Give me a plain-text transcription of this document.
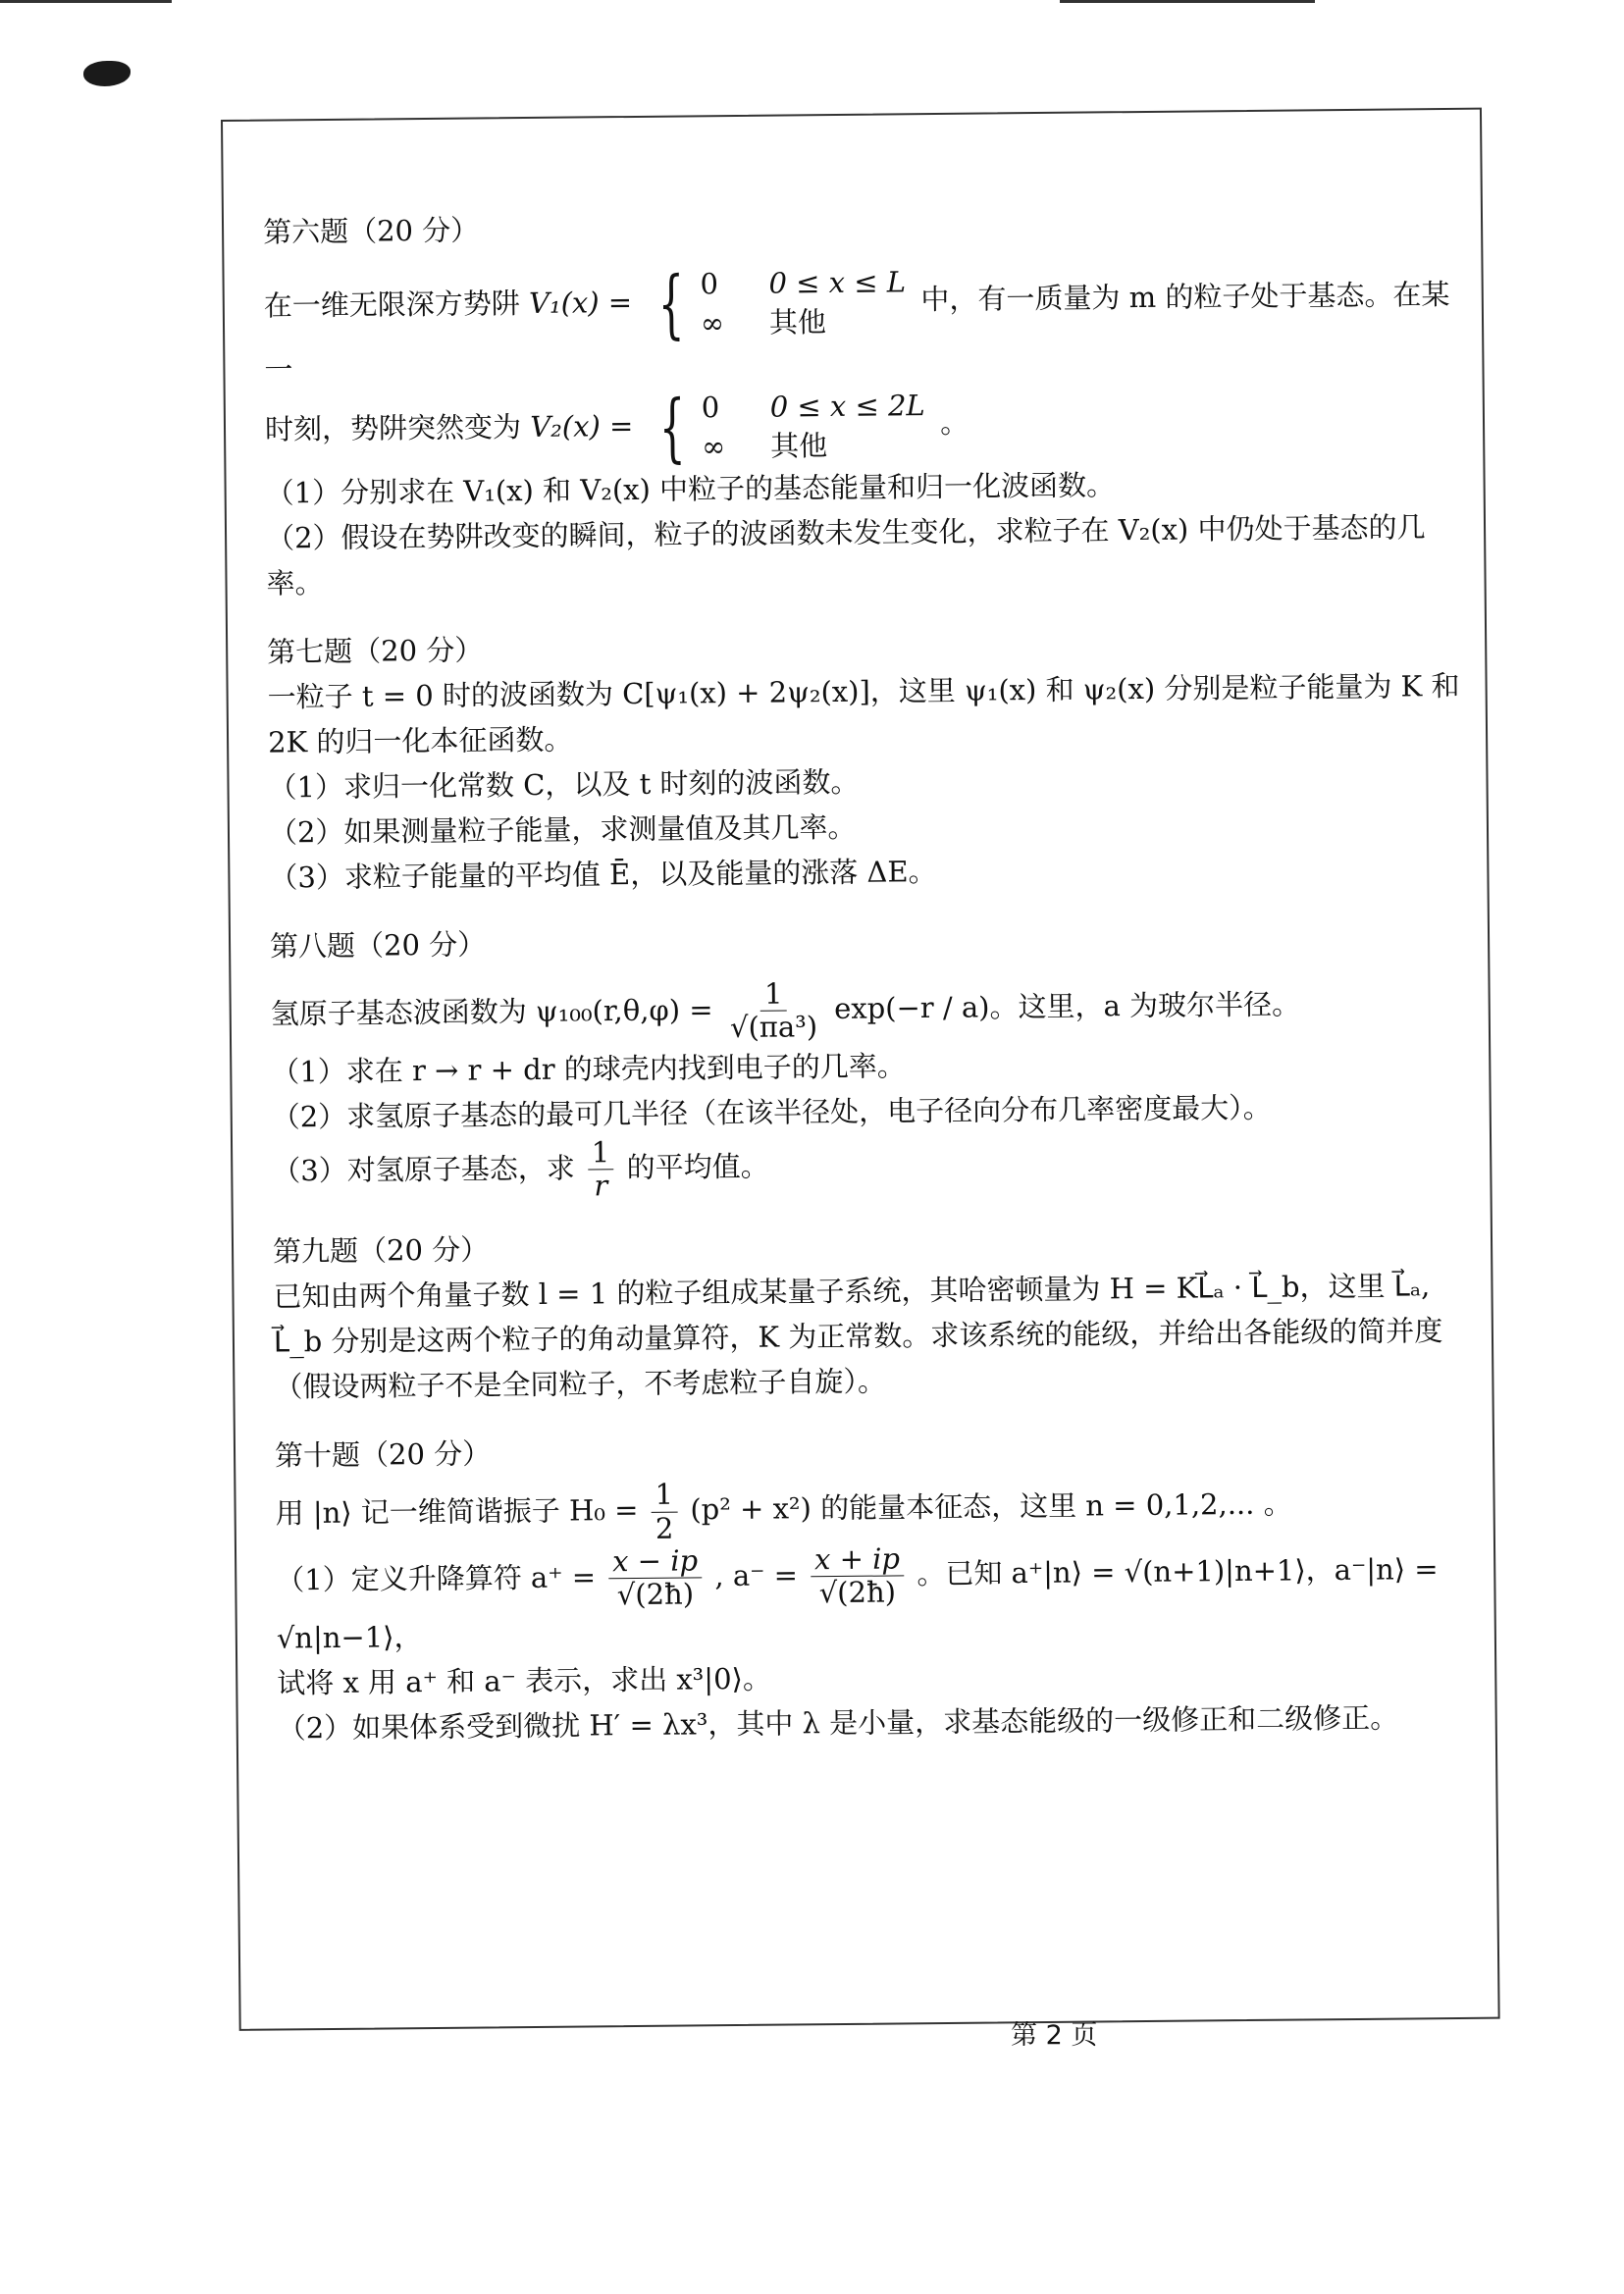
第六题（20 分）

在一维无限深方势阱 V₁(x) = { 0	0 ≤ x ≤ L
∞	其他
中，有一质量为 m 的粒子处于基态。在某一

时刻，势阱突然变为 V₂(x) = { 0	0 ≤ x ≤ 2L
∞	其他
。

（1）分别求在 V₁(x) 和 V₂(x) 中粒子的基态能量和归一化波函数。

（2）假设在势阱改变的瞬间，粒子的波函数未发生变化，求粒子在 V₂(x) 中仍处于基态的几率。

第七题（20 分）

一粒子 t = 0 时的波函数为 C[ψ₁(x) + 2ψ₂(x)]，这里 ψ₁(x) 和 ψ₂(x) 分别是粒子能量为 K 和 2K 的归一化本征函数。

（1）求归一化常数 C，以及 t 时刻的波函数。

（2）如果测量粒子能量，求测量值及其几率。

（3）求粒子能量的平均值 Ē，以及能量的涨落 ΔE。

第八题（20 分）

氢原子基态波函数为 $\psi_{100}(r,\theta,\varphi) = \frac{1}{\text{√(πa³)}} \exp(-r / a)$。这里，a 为玻尔半径。

（1）求在 r → r + dr 的球壳内找到电子的几率。

（2）求氢原子基态的最可几半径（在该半径处，电子径向分布几率密度最大）。

（3）对氢原子基态，求 $\frac{1}{r}$ 的平均值。

第九题（20 分）

已知由两个角量子数 l = 1 的粒子组成某量子系统，其哈密顿量为 H = KL⃗ₐ · L⃗_b，这里 L⃗ₐ, L⃗_b 分别是这两个粒子的角动量算符，K 为正常数。求该系统的能级，并给出各能级的简并度（假设两粒子不是全同粒子，不考虑粒子自旋）。

第十题（20 分）

用 |n⟩ 记一维简谐振子 $H_0 = \frac{1}{2} (p^2 + x^2)$ 的能量本征态，这里 n = 0,1,2,... 。

（1）定义升降算符 $a^+ = \frac{x - ip}{√(2ħ)}$ , $a^- = \frac{x + ip}{√(2ħ)}$ 。已知 a⁺|n⟩ = √(n+1)|n+1⟩，a⁻|n⟩ = √n|n−1⟩，

试将 x 用 a⁺ 和 a⁻ 表示，求出 x³|0⟩。

（2）如果体系受到微扰 H′ = λx³，其中 λ 是小量，求基态能级的一级修正和二级修正。

第 2 页
